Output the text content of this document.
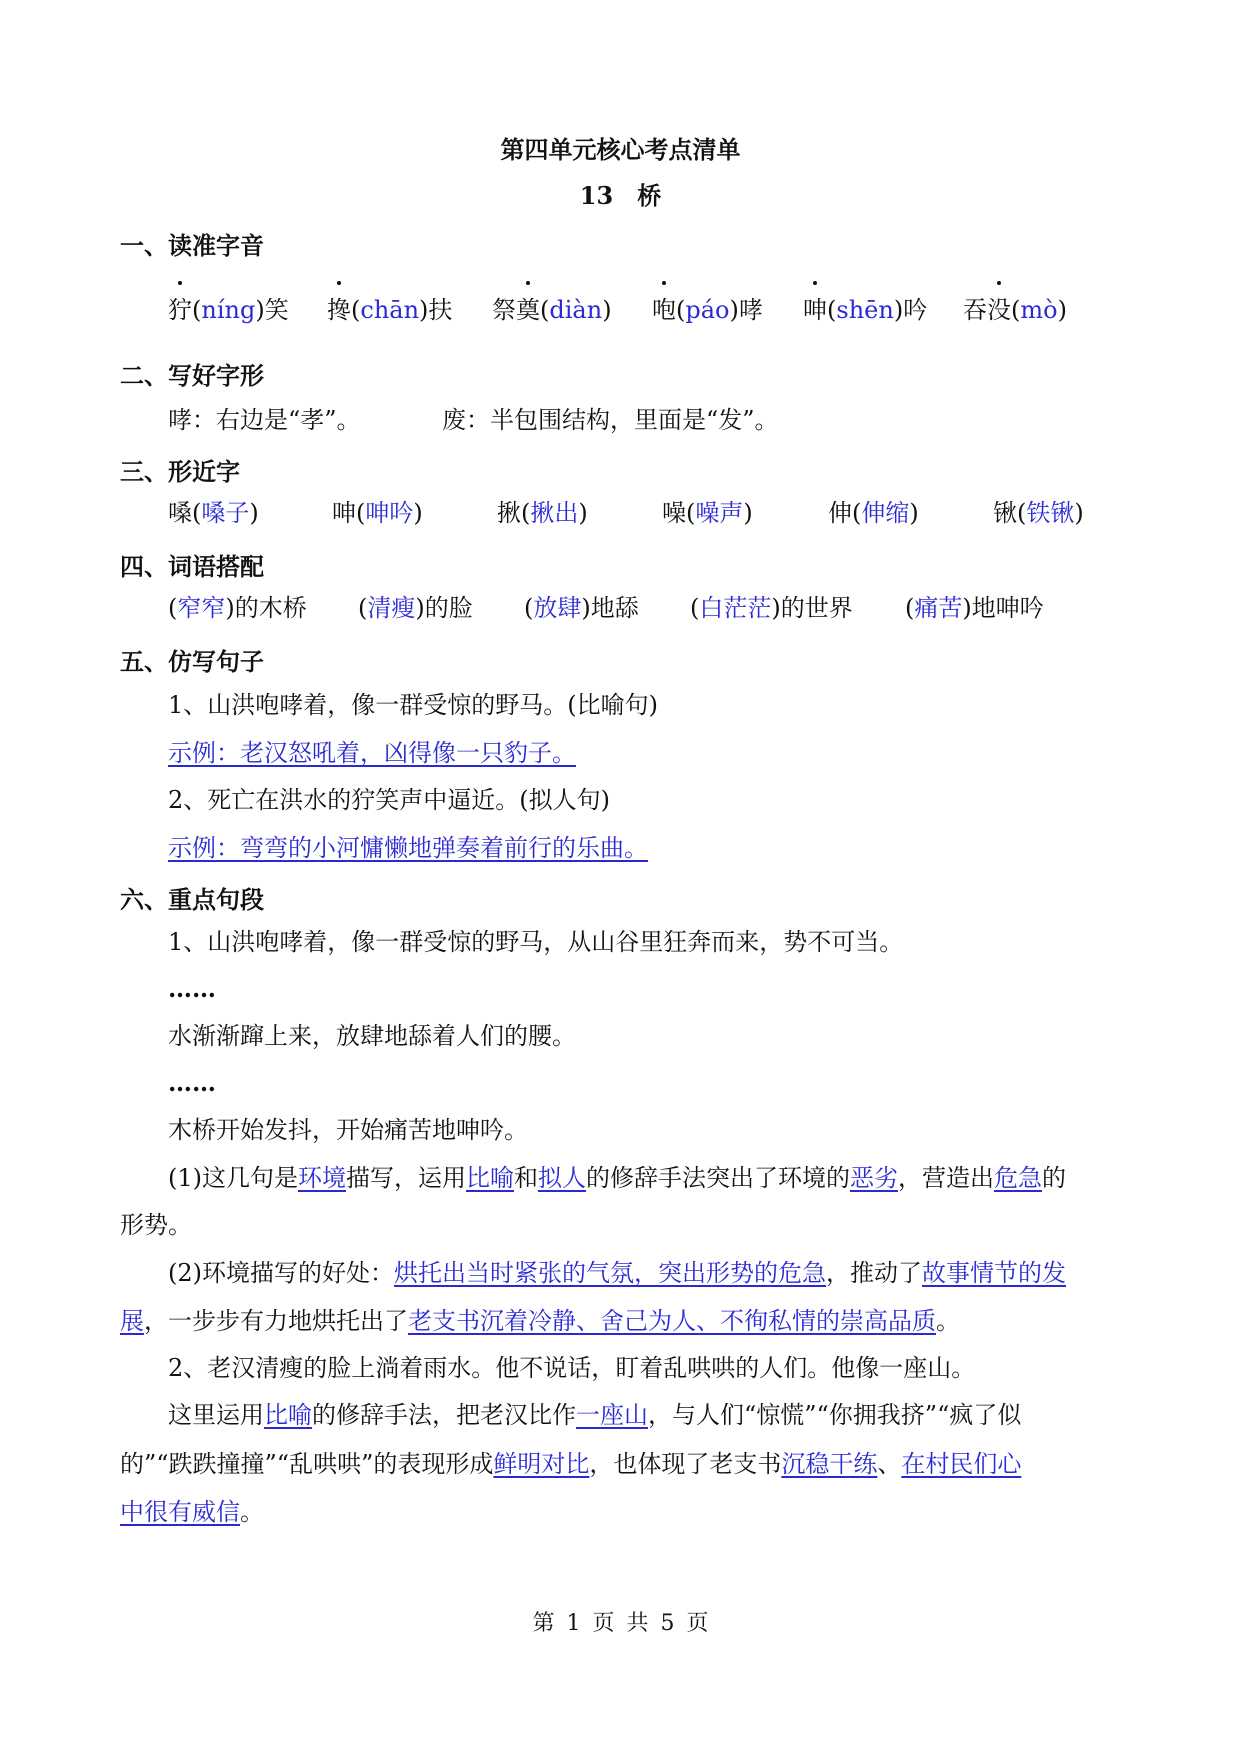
第四单元核心考点清单
13　桥
一、读准字音
狞(níng)笑 搀(chān)扶 祭奠(diàn) 咆(páo)哮 呻(shēn)吟 吞没(mò)
二、写好字形
哮：右边是“孝”。	废：半包围结构，里面是“发”。
三、形近字
嗓(嗓子)	呻(呻吟)	揪(揪出)	噪(噪声)	伸(伸缩)	锹(铁锹)
四、词语搭配
(窄窄)的木桥 (清瘦)的脸 (放肆)地舔 (白茫茫)的世界 (痛苦)地呻吟
五、仿写句子
1、山洪咆哮着，像一群受惊的野马。(比喻句)
示例：老汉怒吼着，凶得像一只豹子。
2、死亡在洪水的狞笑声中逼近。(拟人句)
示例：弯弯的小河慵懒地弹奏着前行的乐曲。
六、重点句段
1、山洪咆哮着，像一群受惊的野马，从山谷里狂奔而来，势不可当。
……
水渐渐蹿上来，放肆地舔着人们的腰。
……
木桥开始发抖，开始痛苦地呻吟。
(1)这几句是环境描写，运用比喻和拟人的修辞手法突出了环境的恶劣，营造出危急的
形势。
(2)环境描写的好处：烘托出当时紧张的气氛，突出形势的危急，推动了故事情节的发
展，一步步有力地烘托出了老支书沉着冷静、舍己为人、不徇私情的崇高品质。
2、老汉清瘦的脸上淌着雨水。他不说话，盯着乱哄哄的人们。他像一座山。
这里运用比喻的修辞手法，把老汉比作一座山，与人们“惊慌”“你拥我挤”“疯了似
的”“跌跌撞撞”“乱哄哄”的表现形成鲜明对比，也体现了老支书沉稳干练、在村民们心
中很有威信。
第 1 页 共 5 页
